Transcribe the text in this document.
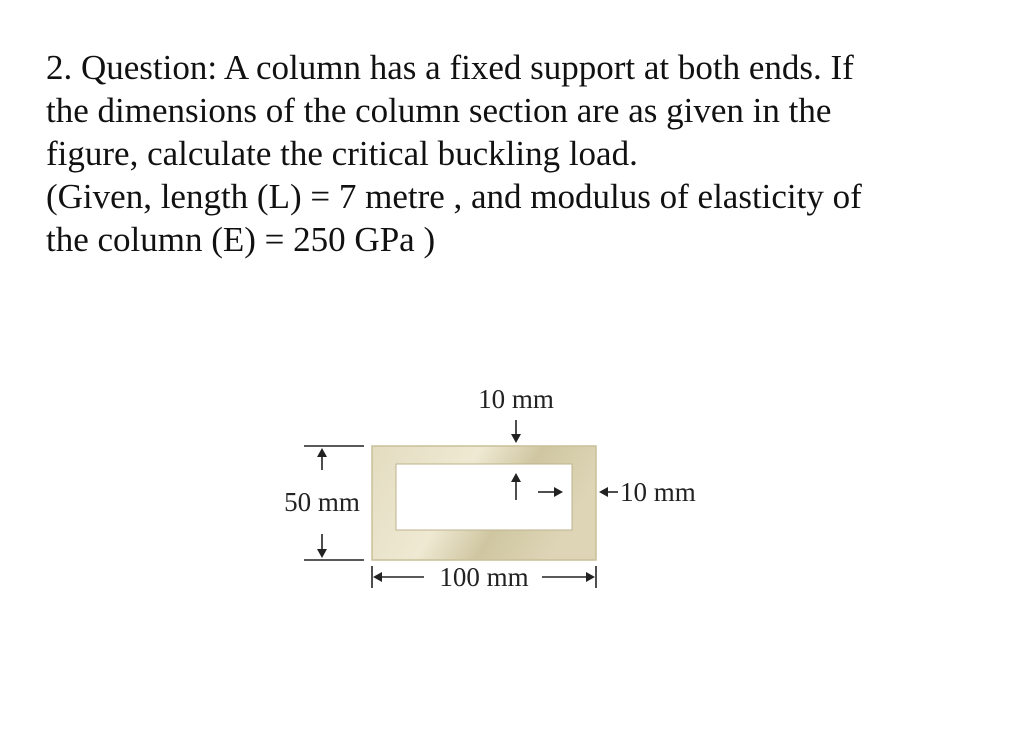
2. Question: A column has a fixed support at both ends. If
the dimensions of the column section are as given in the
figure, calculate the critical buckling load.
(Given, length (L) = 7 metre , and modulus of elasticity of
the column (E) = 250 GPa )
10 mm
10 mm
50 mm
100 mm
